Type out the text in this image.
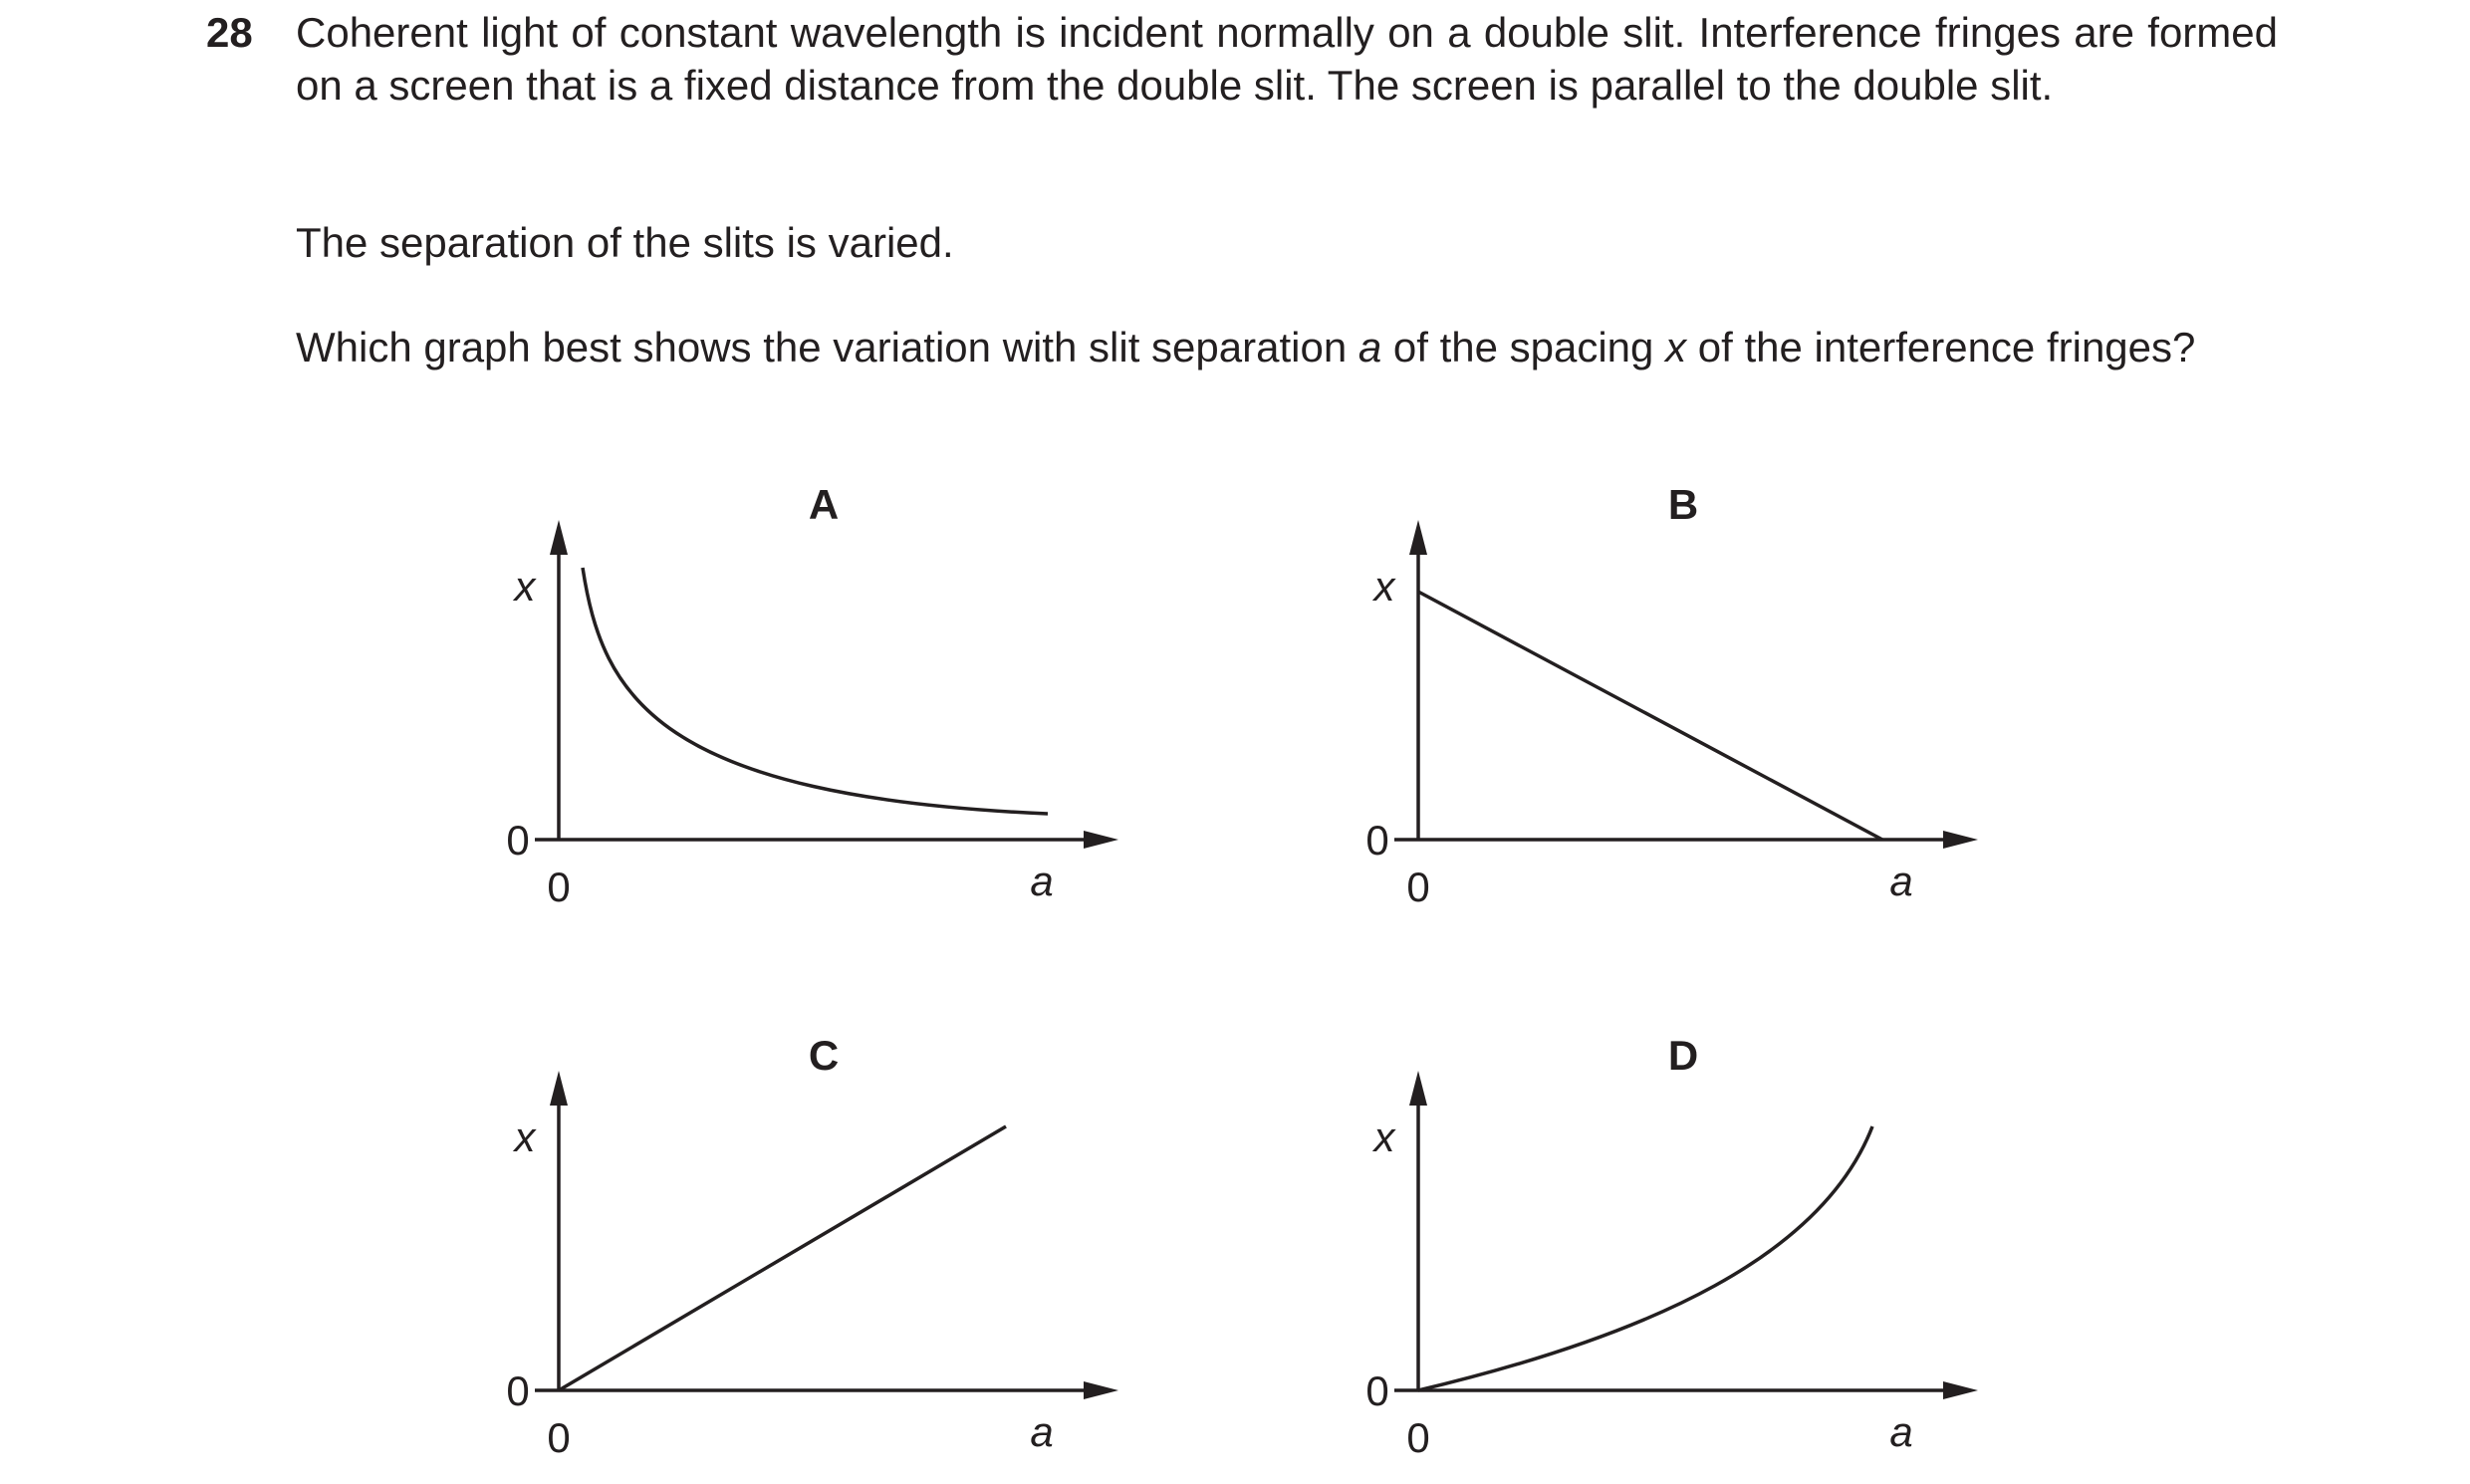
28 Coherent light of constant wavelength is incident normally on a double slit. Interference fringes are formed on a screen that is a fixed distance from the double slit. The screen is parallel to the double slit.
The separation of the slits is varied.
Which graph best shows the variation with slit separation a of the spacing x of the interference fringes?
A
x
a
0
0
B
x
a
0
0
C
x
a
0
0
D
x
a
0
0
